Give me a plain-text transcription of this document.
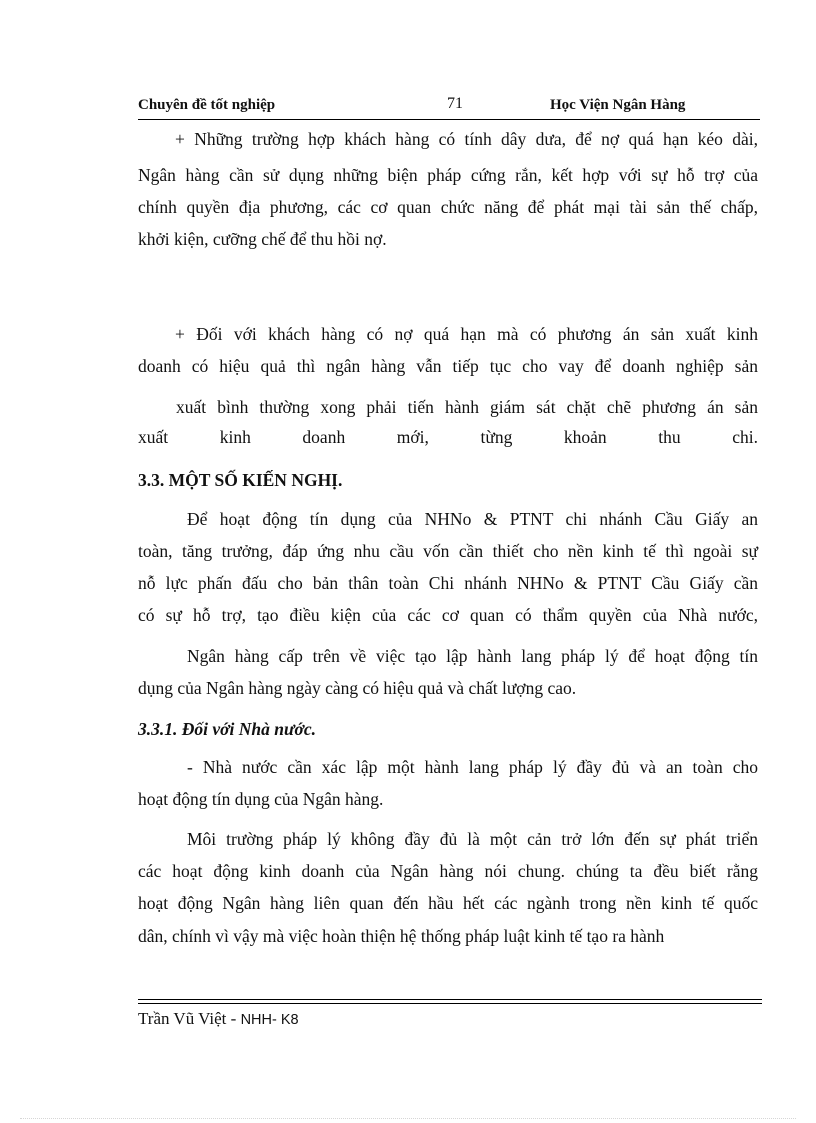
Chuyên đề tốt nghiệp	71	Học Viện Ngân Hàng
+ Những trường hợp khách hàng có tính dây dưa, để nợ quá hạn kéo dài,
Ngân hàng cần sử dụng những biện pháp cứng rắn, kết hợp với sự hỗ trợ của
chính quyền địa phương, các cơ quan chức năng để phát mại tài sản thế chấp,
khởi kiện, cưỡng chế để thu hồi nợ.
+ Đối với khách hàng có nợ quá hạn mà có phương án sản xuất kinh
doanh có hiệu quả thì ngân hàng vẫn tiếp tục cho vay để doanh nghiệp sản
xuất bình thường xong phải tiến hành giám sát chặt chẽ phương án sản
xuất	kinh	doanh	mới,	từng	khoản	thu	chi.
3.3. MỘT SỐ KIẾN NGHỊ.
Để hoạt động tín dụng của NHNo & PTNT chi nhánh Cầu Giấy an
toàn, tăng trưởng, đáp ứng nhu cầu vốn cần thiết cho nền kinh tế thì ngoài sự
nỗ lực phấn đấu cho bản thân toàn Chi nhánh NHNo & PTNT Cầu Giấy cần
có sự hỗ trợ, tạo điều kiện của các cơ quan có thẩm quyền của Nhà nước,
Ngân hàng cấp trên về việc tạo lập hành lang pháp lý để hoạt động tín
dụng của Ngân hàng ngày càng có hiệu quả và chất lượng cao.
3.3.1. Đối với Nhà nước.
- Nhà nước cần xác lập một hành lang pháp lý đầy đủ và an toàn cho
hoạt động tín dụng của Ngân hàng.
Môi trường pháp lý không đầy đủ là một cản trở lớn đến sự phát triển
các hoạt động kinh doanh của Ngân hàng nói chung. chúng ta đều biết rằng
hoạt động Ngân hàng liên quan đến hầu hết các ngành trong nền kinh tế quốc
dân, chính vì vậy mà việc hoàn thiện hệ thống pháp luật kinh tế tạo ra hành
Trần Vũ Việt - NHH- K8
